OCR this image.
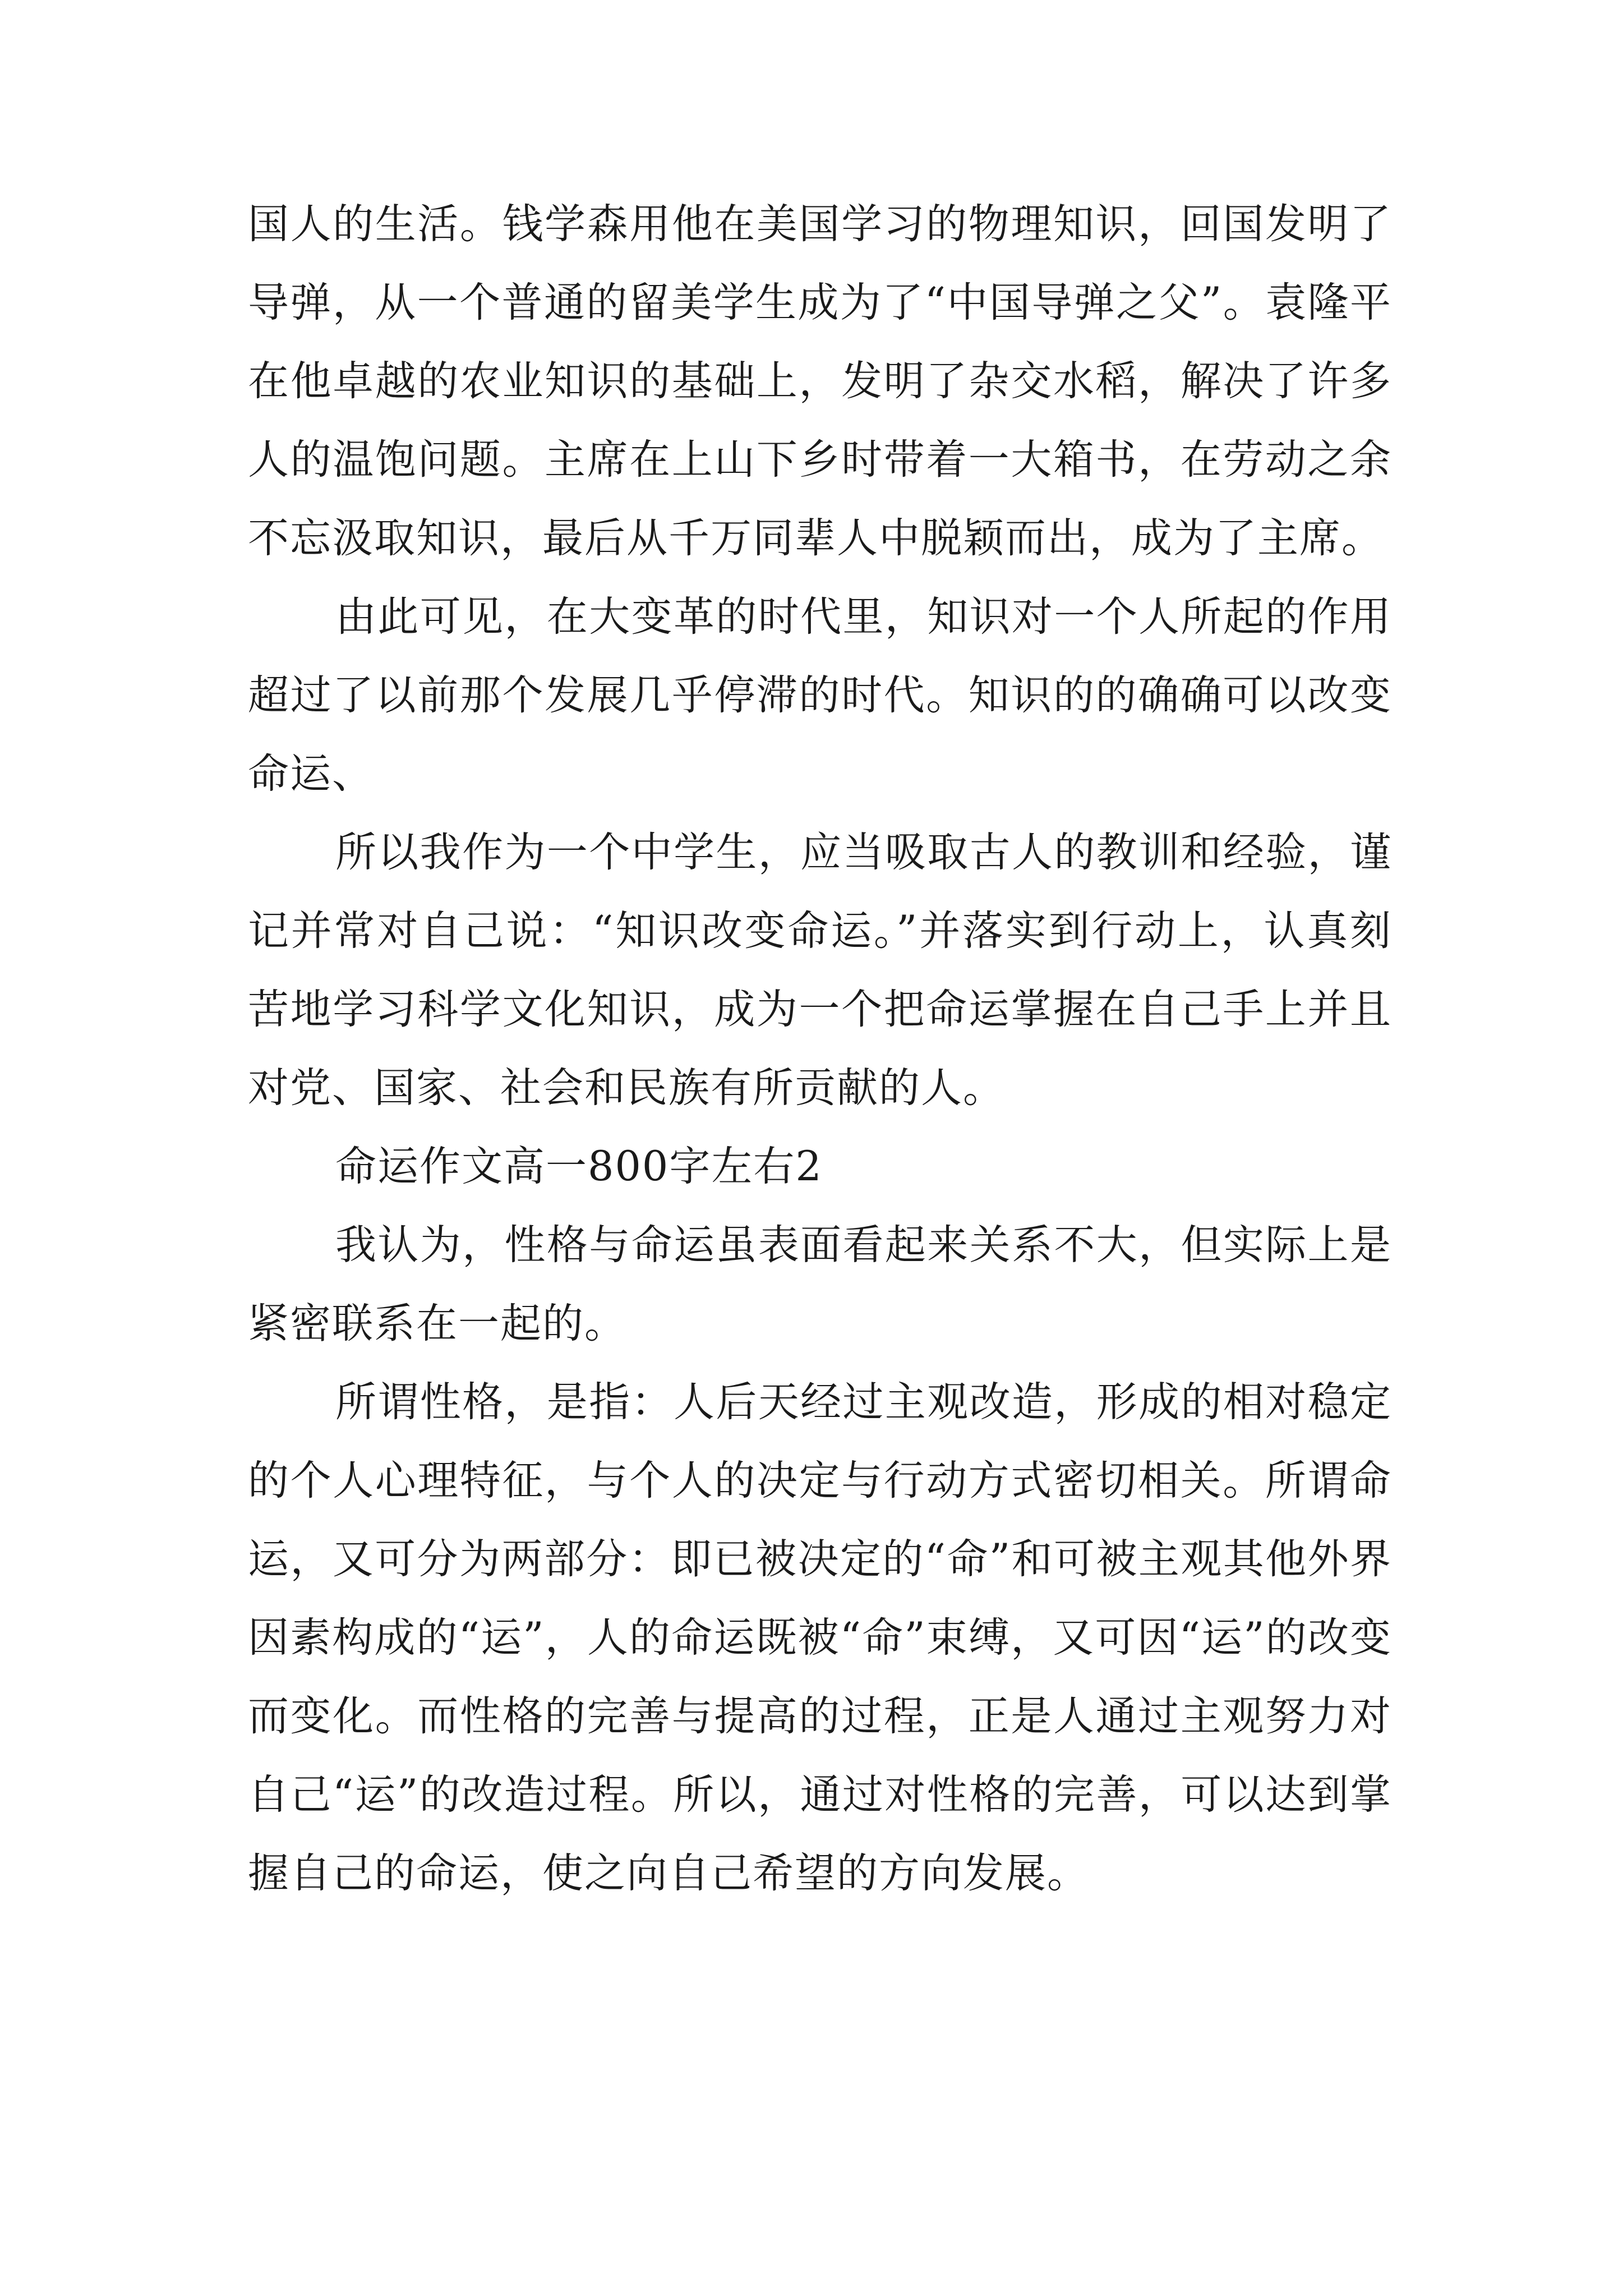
国人的生活。钱学森用他在美国学习的物理知识，回国发明了导弹，从一个普通的留美学生成为了“中国导弹之父”。袁隆平在他卓越的农业知识的基础上，发明了杂交水稻，解决了许多人的温饱问题。主席在上山下乡时带着一大箱书，在劳动之余不忘汲取知识，最后从千万同辈人中脱颖而出，成为了主席。

由此可见，在大变革的时代里，知识对一个人所起的作用超过了以前那个发展几乎停滞的时代。知识的的确确可以改变命运、

所以我作为一个中学生，应当吸取古人的教训和经验，谨记并常对自己说：“知识改变命运。”并落实到行动上，认真刻苦地学习科学文化知识，成为一个把命运掌握在自己手上并且对党、国家、社会和民族有所贡献的人。

命运作文高一800字左右2

我认为，性格与命运虽表面看起来关系不大，但实际上是紧密联系在一起的。

所谓性格，是指：人后天经过主观改造，形成的相对稳定的个人心理特征，与个人的决定与行动方式密切相关。所谓命运，又可分为两部分：即已被决定的“命”和可被主观其他外界因素构成的“运”，人的命运既被“命”束缚，又可因“运”的改变而变化。而性格的完善与提高的过程，正是人通过主观努力对自己“运”的改造过程。所以，通过对性格的完善，可以达到掌握自己的命运，使之向自己希望的方向发展。
